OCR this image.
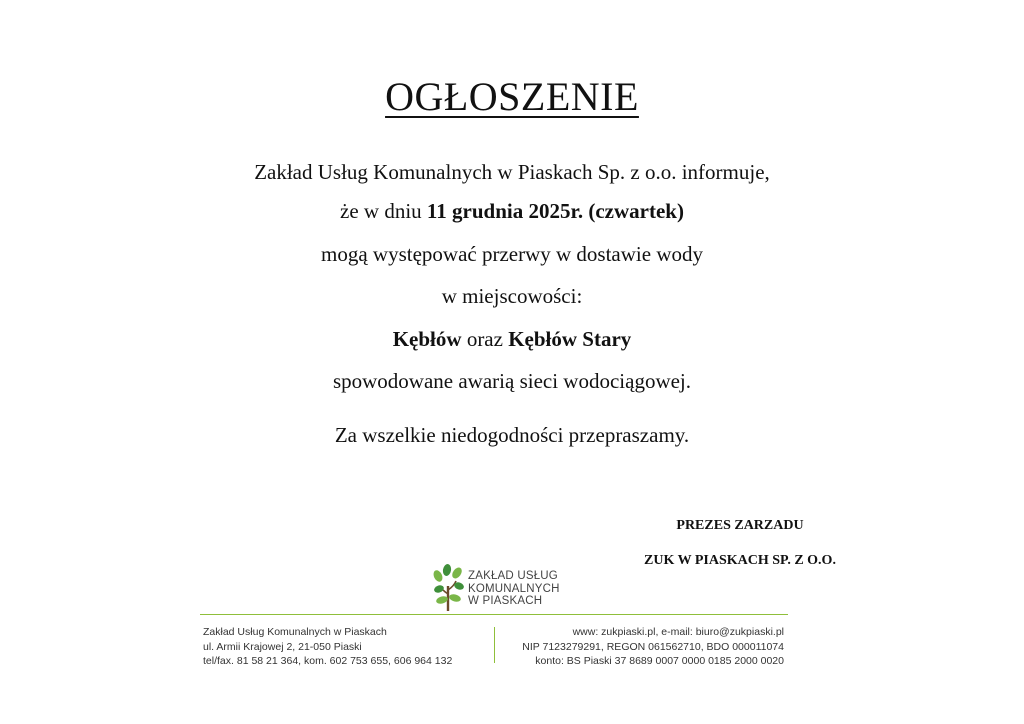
OGŁOSZENIE
Zakład Usług Komunalnych w Piaskach Sp. z o.o. informuje,
że w dniu 11 grudnia 2025r. (czwartek)
mogą występować przerwy w dostawie wody
w miejscowości:
Kębłów oraz Kębłów Stary
spowodowane awarią sieci wodociągowej.
Za wszelkie niedogodności przepraszamy.
PREZES ZARZADU
ZUK W PIASKACH SP. Z O.O.
ZAKŁAD USŁUG
KOMUNALNYCH
W PIASKACH
Zakład Usług Komunalnych w Piaskach
ul. Armii Krajowej 2, 21-050 Piaski
tel/fax. 81 58 21 364, kom. 602 753 655, 606 964 132
www: zukpiaski.pl, e-mail: biuro@zukpiaski.pl
NIP 7123279291, REGON 061562710, BDO 000011074
konto: BS Piaski 37 8689 0007 0000 0185 2000 0020
